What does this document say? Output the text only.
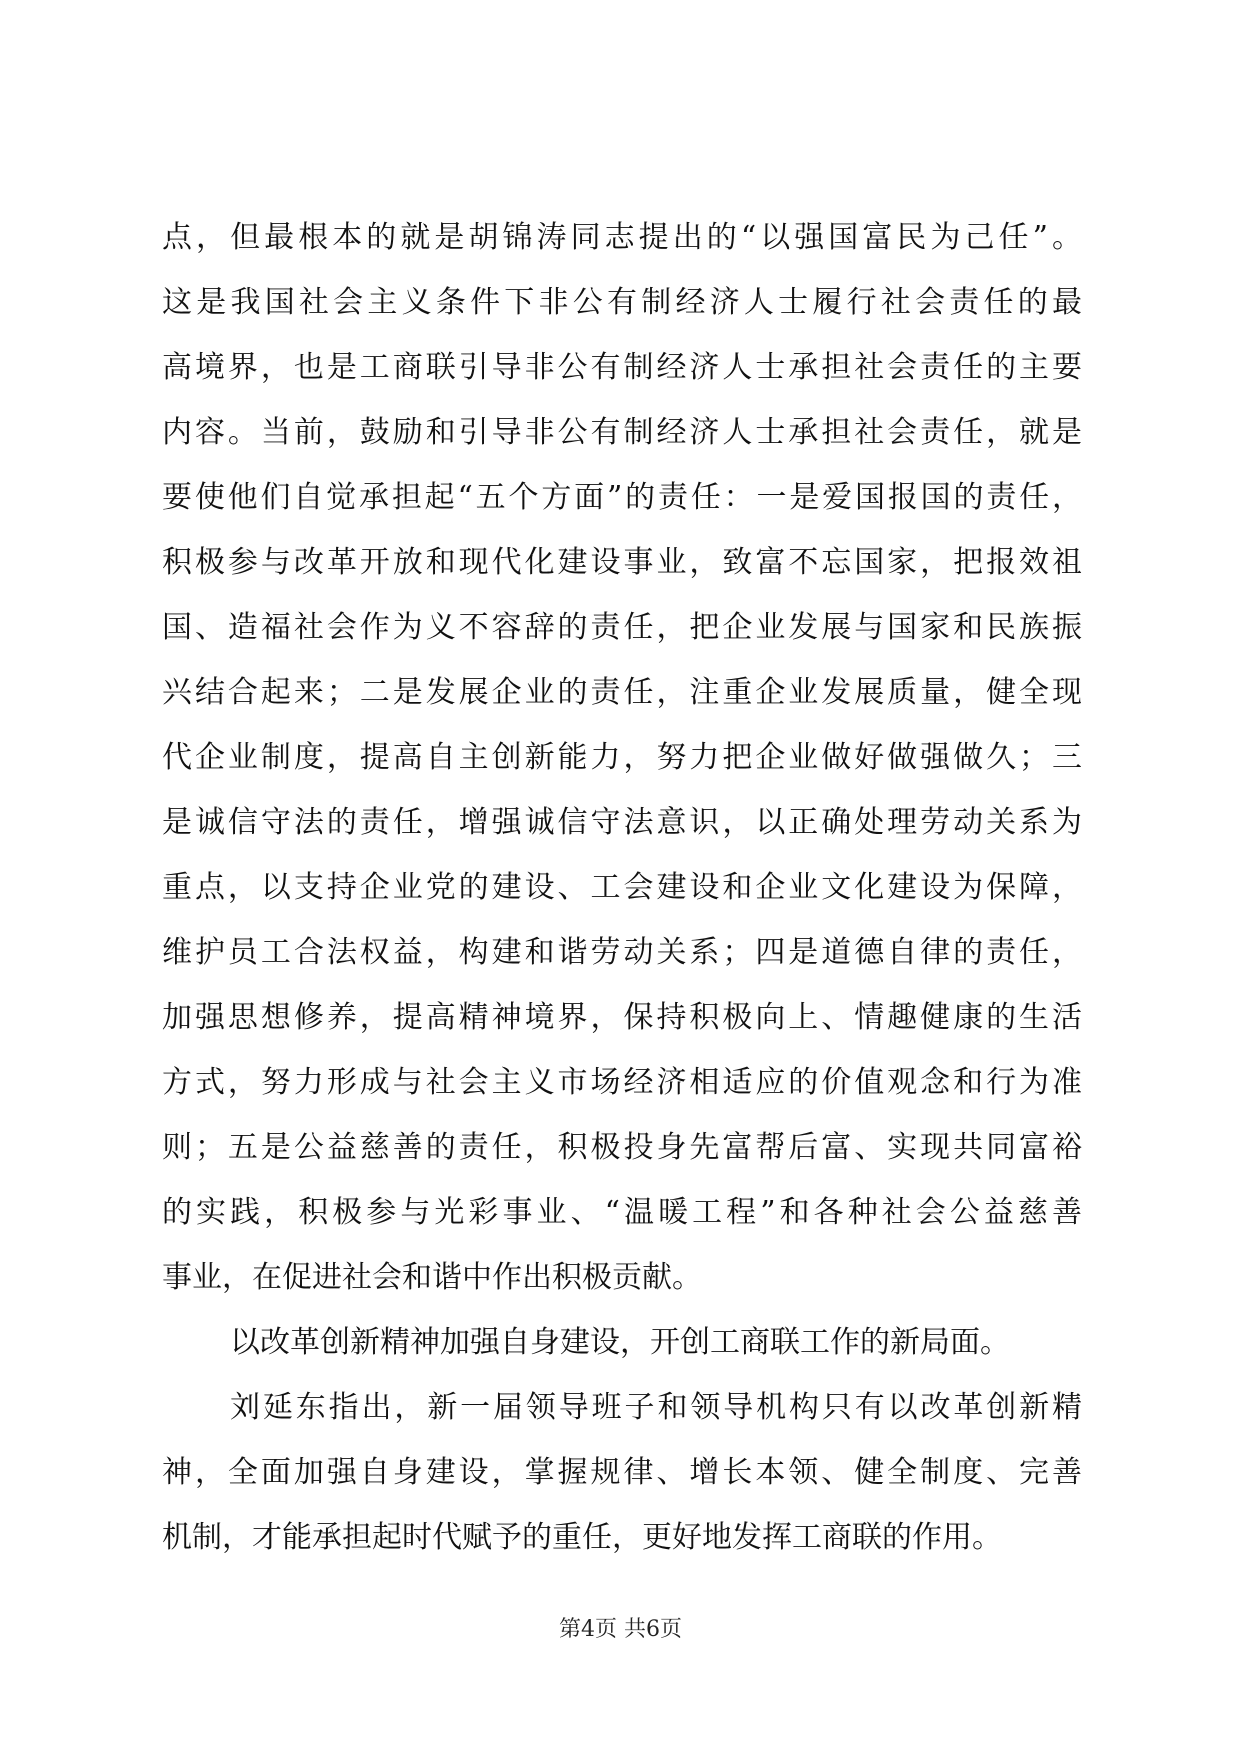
点，但最根本的就是胡锦涛同志提出的“以强国富民为己任”。
这是我国社会主义条件下非公有制经济人士履行社会责任的最
高境界，也是工商联引导非公有制经济人士承担社会责任的主要
内容。当前，鼓励和引导非公有制经济人士承担社会责任，就是
要使他们自觉承担起“五个方面”的责任：一是爱国报国的责任，
积极参与改革开放和现代化建设事业，致富不忘国家，把报效祖
国、造福社会作为义不容辞的责任，把企业发展与国家和民族振
兴结合起来；二是发展企业的责任，注重企业发展质量，健全现
代企业制度，提高自主创新能力，努力把企业做好做强做久；三
是诚信守法的责任，增强诚信守法意识，以正确处理劳动关系为
重点，以支持企业党的建设、工会建设和企业文化建设为保障，
维护员工合法权益，构建和谐劳动关系；四是道德自律的责任，
加强思想修养，提高精神境界，保持积极向上、情趣健康的生活
方式，努力形成与社会主义市场经济相适应的价值观念和行为准
则；五是公益慈善的责任，积极投身先富帮后富、实现共同富裕
的实践，积极参与光彩事业、“温暖工程”和各种社会公益慈善
事业，在促进社会和谐中作出积极贡献。
以改革创新精神加强自身建设，开创工商联工作的新局面。
刘延东指出，新一届领导班子和领导机构只有以改革创新精
神，全面加强自身建设，掌握规律、增长本领、健全制度、完善
机制，才能承担起时代赋予的重任，更好地发挥工商联的作用。
第4页 共6页
